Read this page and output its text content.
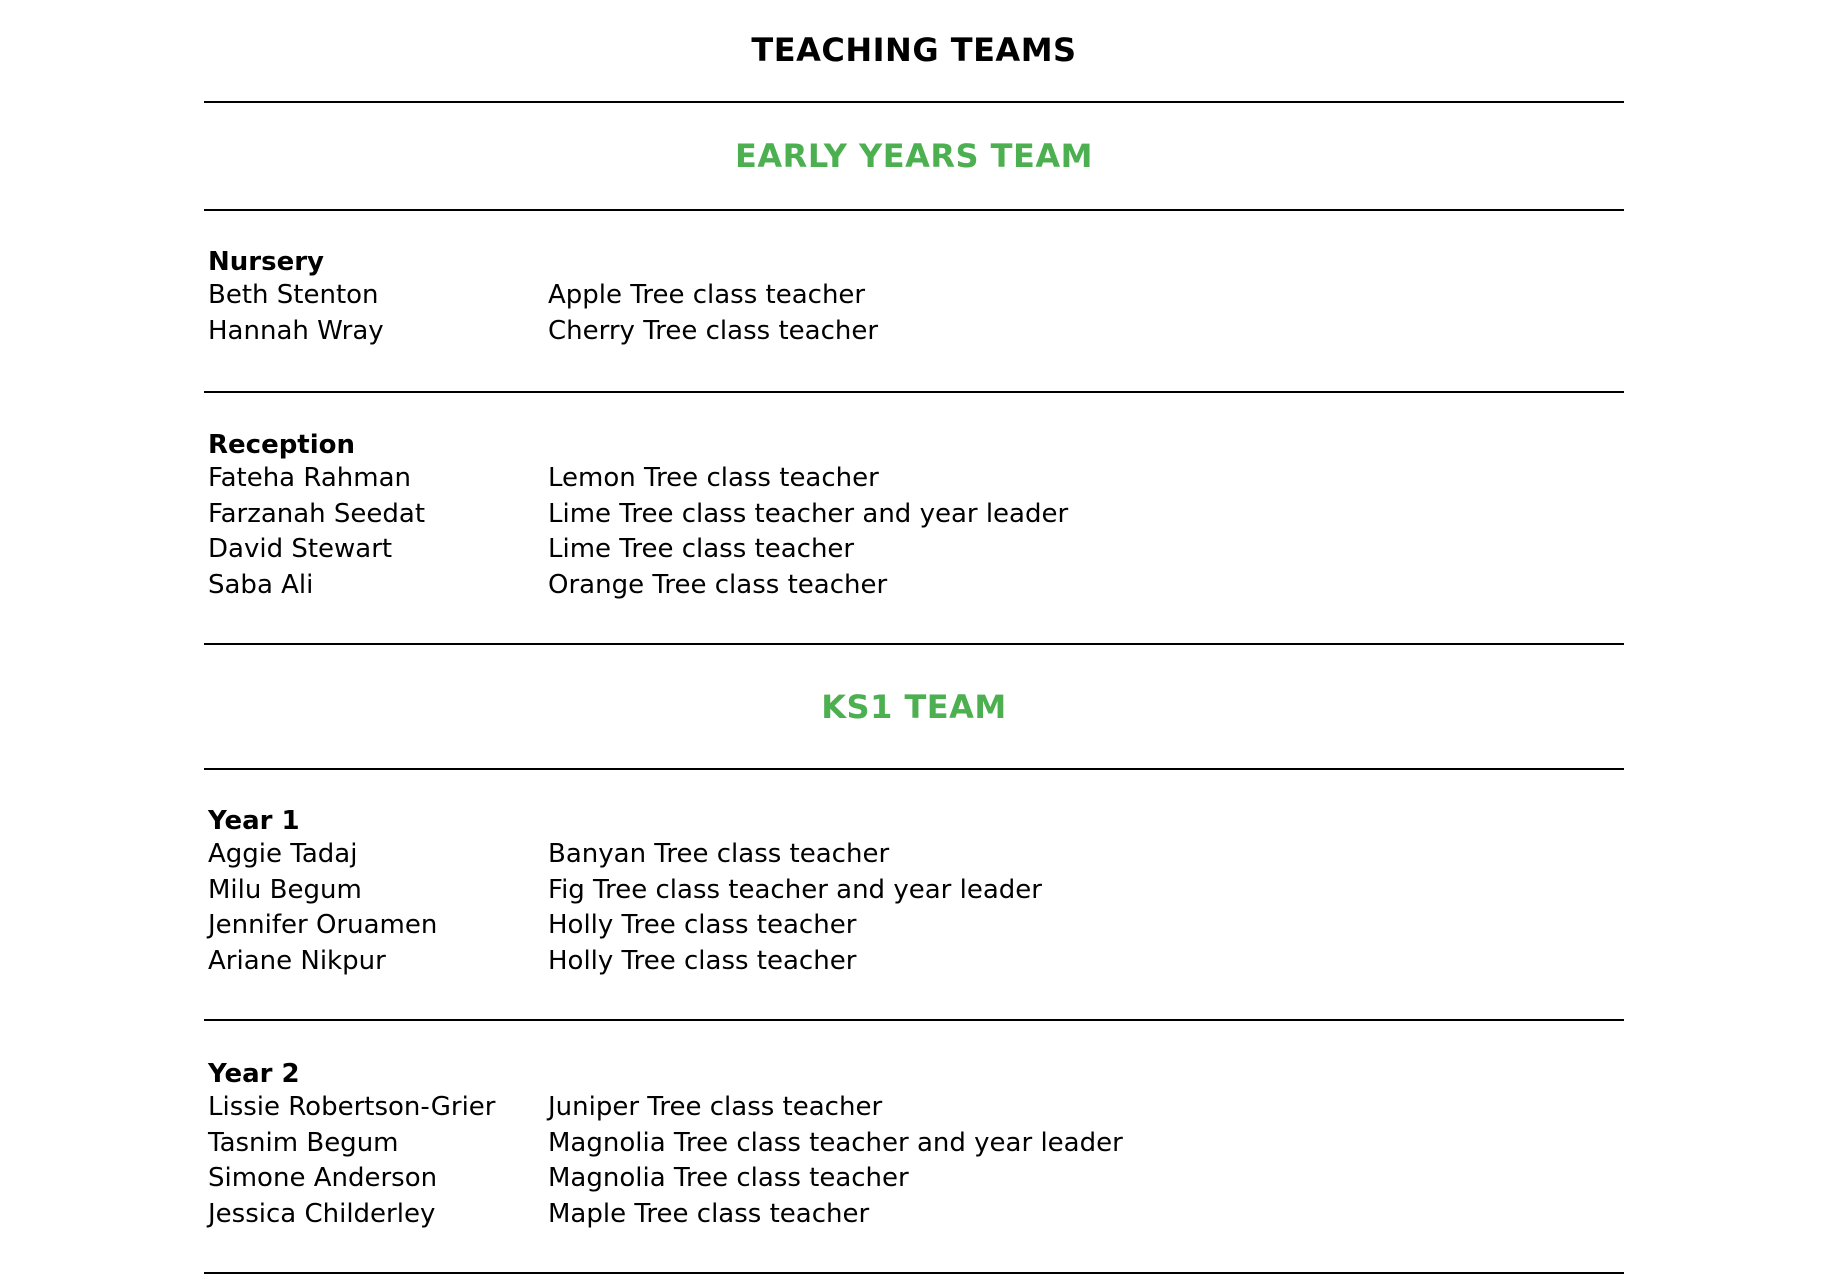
TEACHING TEAMS
EARLY YEARS TEAM
Nursery
Beth Stenton	Apple Tree class teacher
Hannah Wray	Cherry Tree class teacher
Reception
Fateha Rahman	Lemon Tree class teacher
Farzanah Seedat	Lime Tree class teacher and year leader
David Stewart	Lime Tree class teacher
Saba Ali	Orange Tree class teacher
KS1 TEAM
Year 1
Aggie Tadaj	Banyan Tree class teacher
Milu Begum	Fig Tree class teacher and year leader
Jennifer Oruamen	Holly Tree class teacher
Ariane Nikpur	Holly Tree class teacher
Year 2
Lissie Robertson-Grier	Juniper Tree class teacher
Tasnim Begum	Magnolia Tree class teacher and year leader
Simone Anderson	Magnolia Tree class teacher
Jessica Childerley	Maple Tree class teacher
